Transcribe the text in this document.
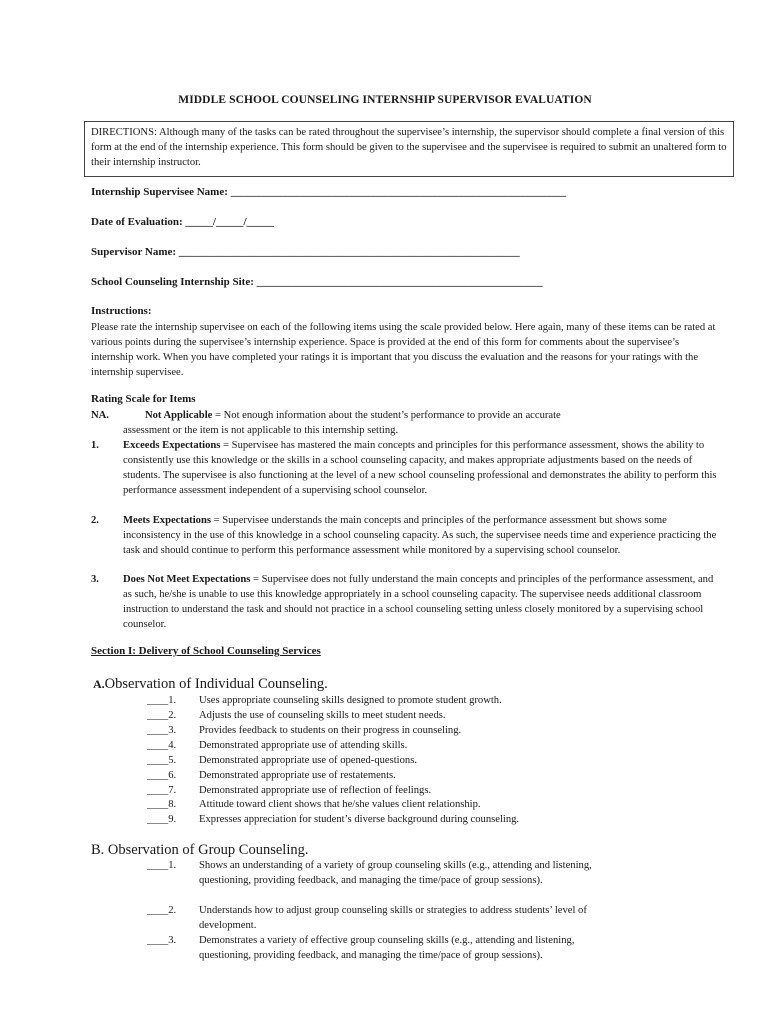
MIDDLE SCHOOL COUNSELING INTERNSHIP SUPERVISOR EVALUATION
DIRECTIONS: Although many of the tasks can be rated throughout the supervisee’s internship, the supervisor should complete a final version of this form at the end of the internship experience. This form should be given to the supervisee and the supervisee is required to submit an unaltered form to their internship instructor.
Internship Supervisee Name: _____________________________________________________________
Date of Evaluation: _____/_____/_____
Supervisor Name: ______________________________________________________________
School Counseling Internship Site: ____________________________________________________
Instructions:
Please rate the internship supervisee on each of the following items using the scale provided below. Here again, many of these items can be rated at various points during the supervisee’s internship experience. Space is provided at the end of this form for comments about the supervisee’s internship work. When you have completed your ratings it is important that you discuss the evaluation and the reasons for your ratings with the internship supervisee.
Rating Scale for Items
NA.	Not Applicable = Not enough information about the student’s performance to provide an accurate
assessment or the item is not applicable to this internship setting.
1. Exceeds Expectations = Supervisee has mastered the main concepts and principles for this performance assessment, shows the ability to consistently use this knowledge or the skills in a school counseling capacity, and makes appropriate adjustments based on the needs of students. The supervisee is also functioning at the level of a new school counseling professional and demonstrates the ability to perform this performance assessment independent of a supervising school counselor.
2. Meets Expectations = Supervisee understands the main concepts and principles of the performance assessment but shows some inconsistency in the use of this knowledge in a school counseling capacity. As such, the supervisee needs time and experience practicing the task and should continue to perform this performance assessment while monitored by a supervising school counselor.
3. Does Not Meet Expectations = Supervisee does not fully understand the main concepts and principles of the performance assessment, and as such, he/she is unable to use this knowledge appropriately in a school counseling capacity. The supervisee needs additional classroom instruction to understand the task and should not practice in a school counseling setting unless closely monitored by a supervising school counselor.
Section I: Delivery of School Counseling Services
A.Observation of Individual Counseling.
____1.	Uses appropriate counseling skills designed to promote student growth.
____2.	Adjusts the use of counseling skills to meet student needs.
____3.	Provides feedback to students on their progress in counseling.
____4.	Demonstrated appropriate use of attending skills.
____5.	Demonstrated appropriate use of opened-questions.
____6.	Demonstrated appropriate use of restatements.
____7.	Demonstrated appropriate use of reflection of feelings.
____8.	Attitude toward client shows that he/she values client relationship.
____9.	Expresses appreciation for student’s diverse background during counseling.
B. Observation of Group Counseling.
____1.	Shows an understanding of a variety of group counseling skills (e.g., attending and listening, questioning, providing feedback, and managing the time/pace of group sessions).
____2.	Understands how to adjust group counseling skills or strategies to address students’ level of development.
____3.	Demonstrates a variety of effective group counseling skills (e.g., attending and listening, questioning, providing feedback, and managing the time/pace of group sessions).
